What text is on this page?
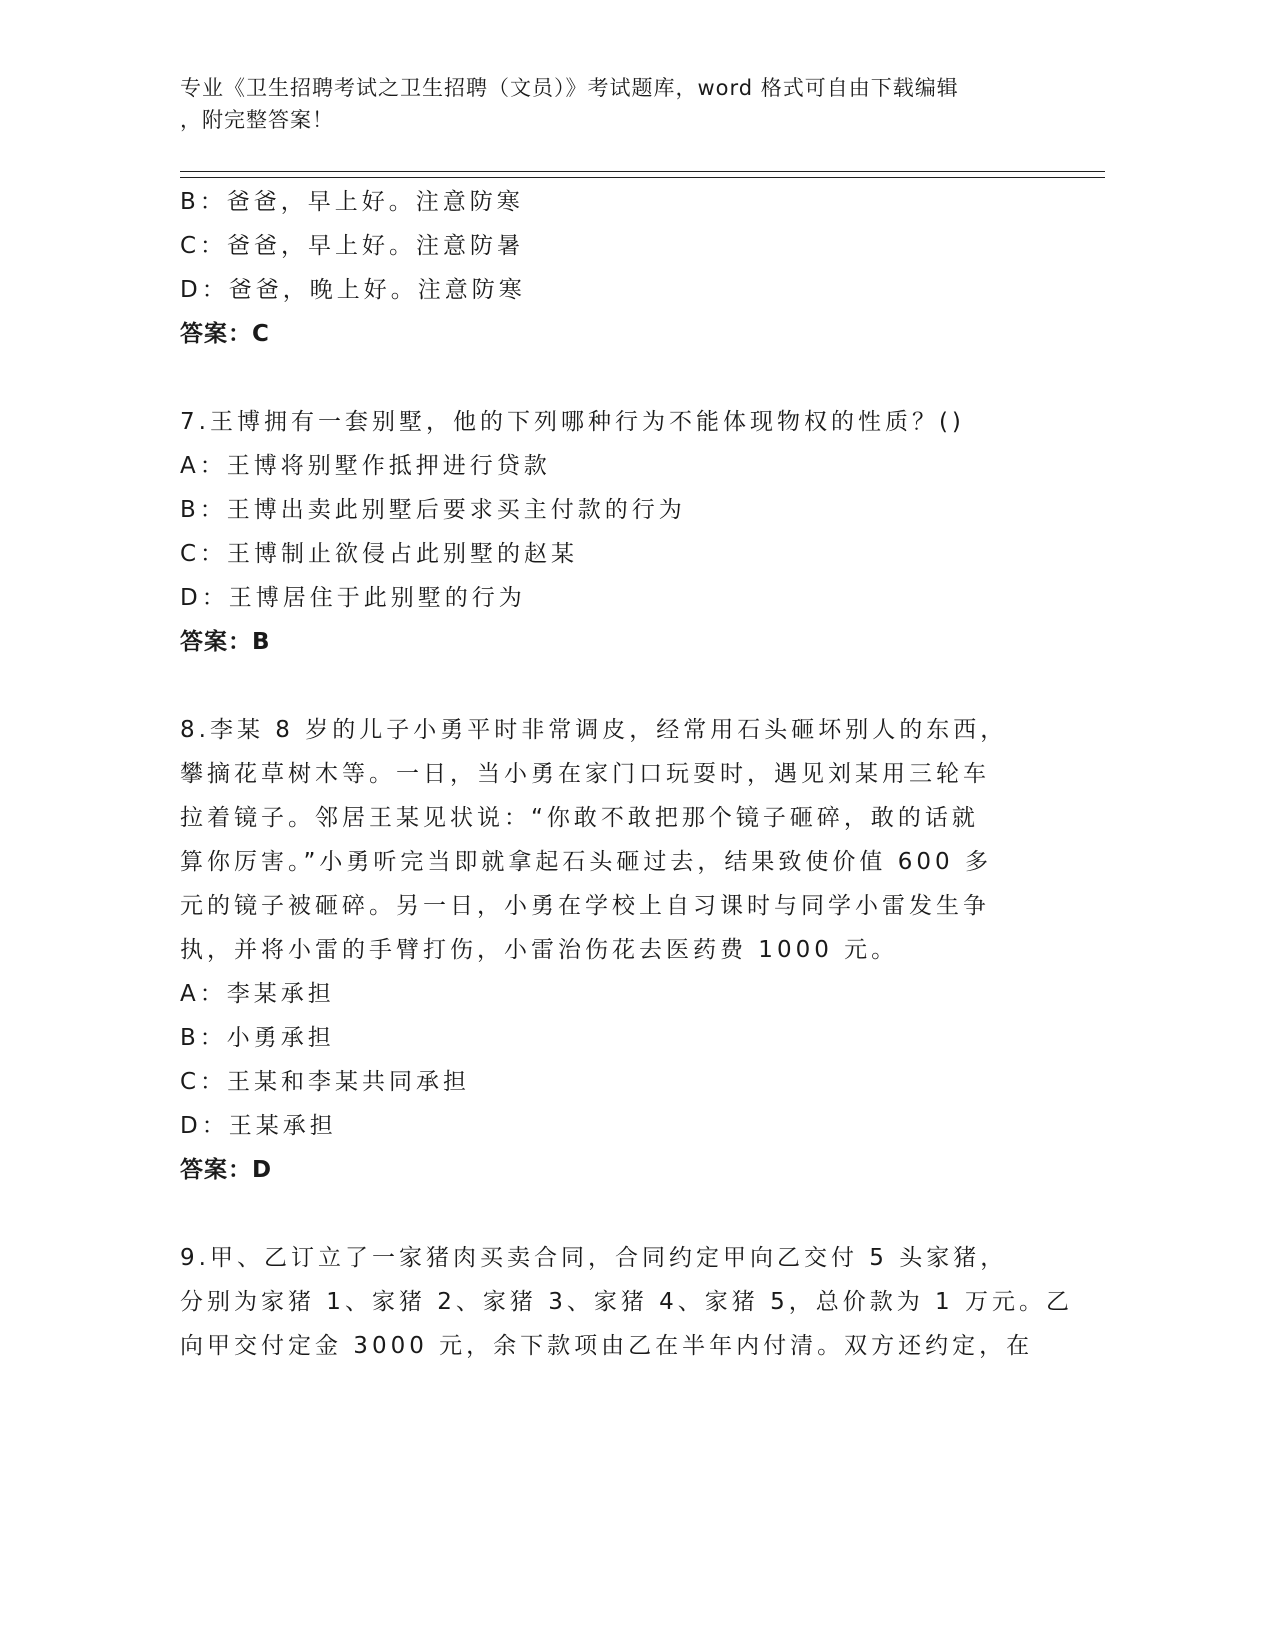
专业《卫生招聘考试之卫生招聘（文员）》考试题库，word 格式可自由下载编辑
，附完整答案！
B：爸爸，早上好。注意防寒
C：爸爸，早上好。注意防暑
D：爸爸，晚上好。注意防寒
答案：C
7.王博拥有一套别墅，他的下列哪种行为不能体现物权的性质？()
A：王博将别墅作抵押进行贷款
B：王博出卖此别墅后要求买主付款的行为
C：王博制止欲侵占此别墅的赵某
D：王博居住于此别墅的行为
答案：B
8.李某 8 岁的儿子小勇平时非常调皮，经常用石头砸坏别人的东西，
攀摘花草树木等。一日，当小勇在家门口玩耍时，遇见刘某用三轮车
拉着镜子。邻居王某见状说：“你敢不敢把那个镜子砸碎，敢的话就
算你厉害。”小勇听完当即就拿起石头砸过去，结果致使价值 600 多
元的镜子被砸碎。另一日，小勇在学校上自习课时与同学小雷发生争
执，并将小雷的手臂打伤，小雷治伤花去医药费 1000 元。
A：李某承担
B：小勇承担
C：王某和李某共同承担
D：王某承担
答案：D
9.甲、乙订立了一家猪肉买卖合同，合同约定甲向乙交付 5 头家猪，
分别为家猪 1、家猪 2、家猪 3、家猪 4、家猪 5，总价款为 1 万元。乙
向甲交付定金 3000 元，余下款项由乙在半年内付清。双方还约定，在
